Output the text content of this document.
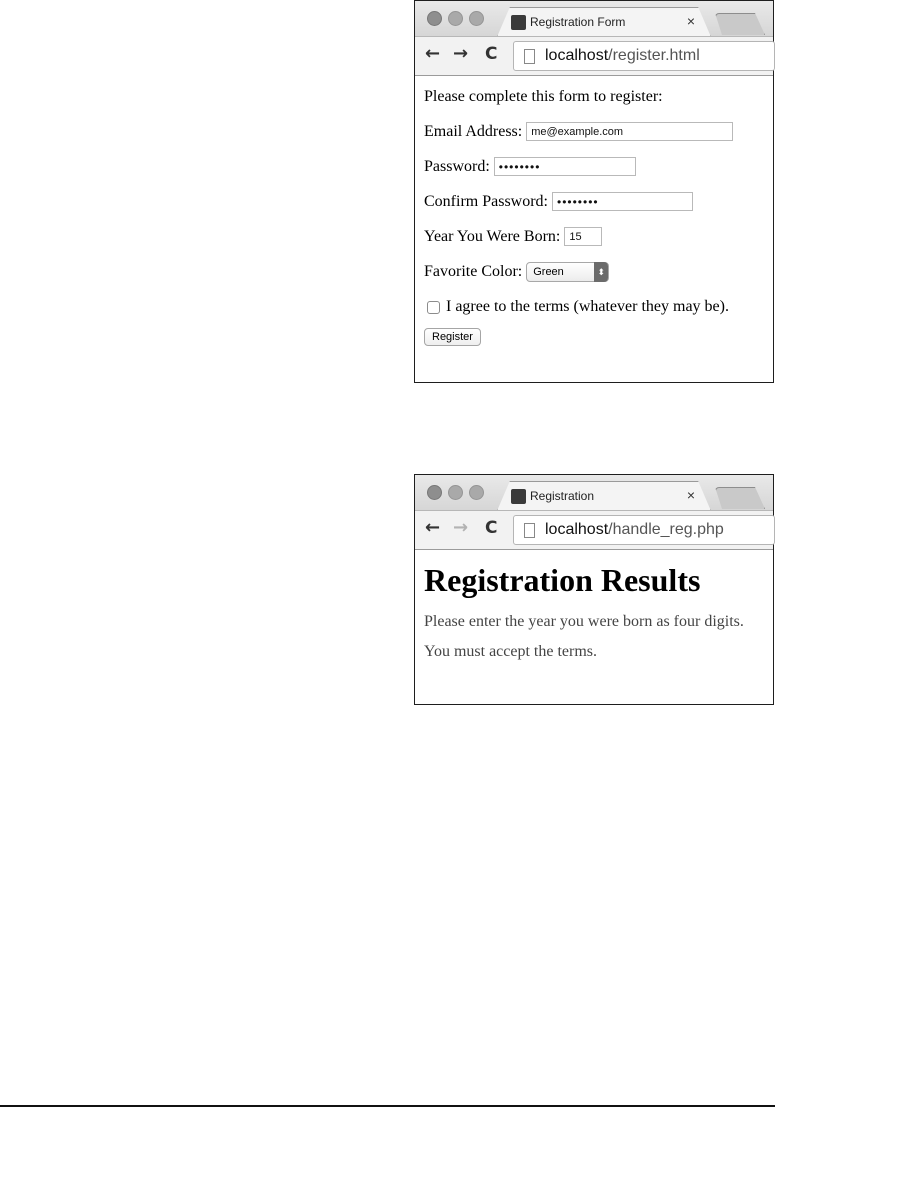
Registration Form	×
← → C	localhost /register.html
Please complete this form to register:
Email Address: me@example.com
Password: ••••••••
Confirm Password: ••••••••
Year You Were Born: 15
Favorite Color: Green	⬍
I agree to the terms (whatever they may be).
Register
Registration	×
← → C	localhost /handle_reg.php
Registration Results

Please enter the year you were born as four digits.

You must accept the terms.
